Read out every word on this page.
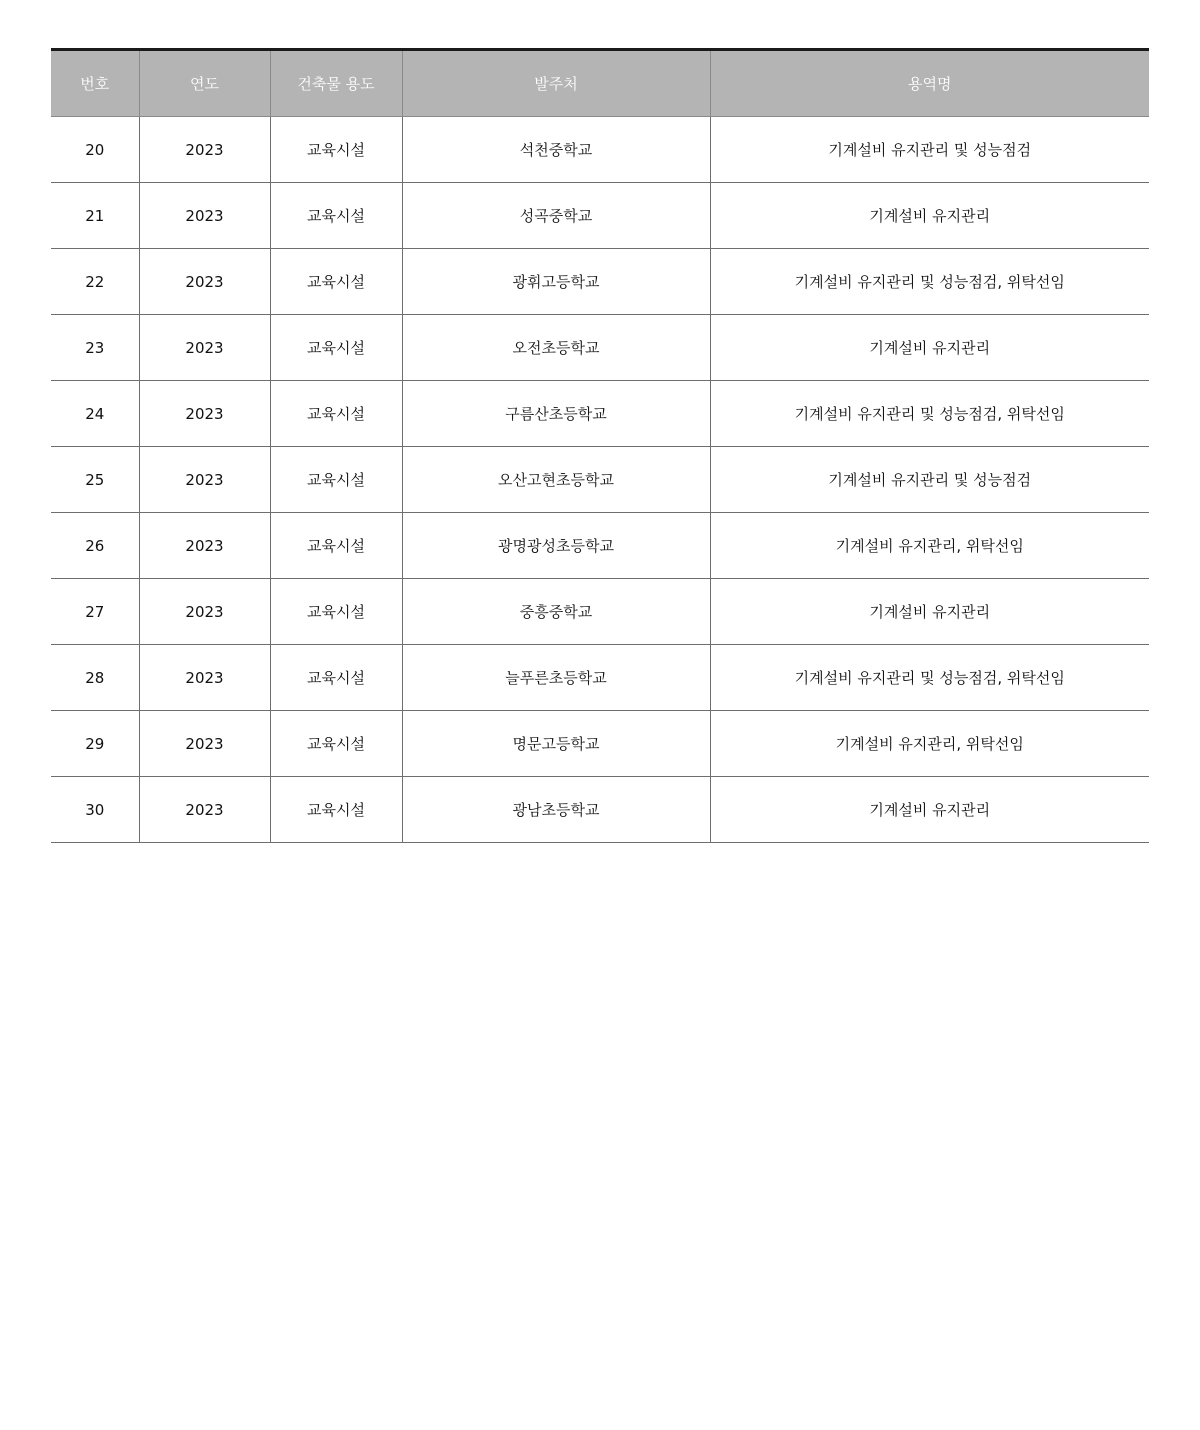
번호	연도	건축물 용도	발주처	용역명
20	2023	교육시설	석천중학교	기계설비 유지관리 및 성능점검
21	2023	교육시설	성곡중학교	기계설비 유지관리
22	2023	교육시설	광휘고등학교	기계설비 유지관리 및 성능점검, 위탁선임
23	2023	교육시설	오전초등학교	기계설비 유지관리
24	2023	교육시설	구름산초등학교	기계설비 유지관리 및 성능점검, 위탁선임
25	2023	교육시설	오산고현초등학교	기계설비 유지관리 및 성능점검
26	2023	교육시설	광명광성초등학교	기계설비 유지관리, 위탁선임
27	2023	교육시설	중흥중학교	기계설비 유지관리
28	2023	교육시설	늘푸른초등학교	기계설비 유지관리 및 성능점검, 위탁선임
29	2023	교육시설	명문고등학교	기계설비 유지관리, 위탁선임
30	2023	교육시설	광남초등학교	기계설비 유지관리
